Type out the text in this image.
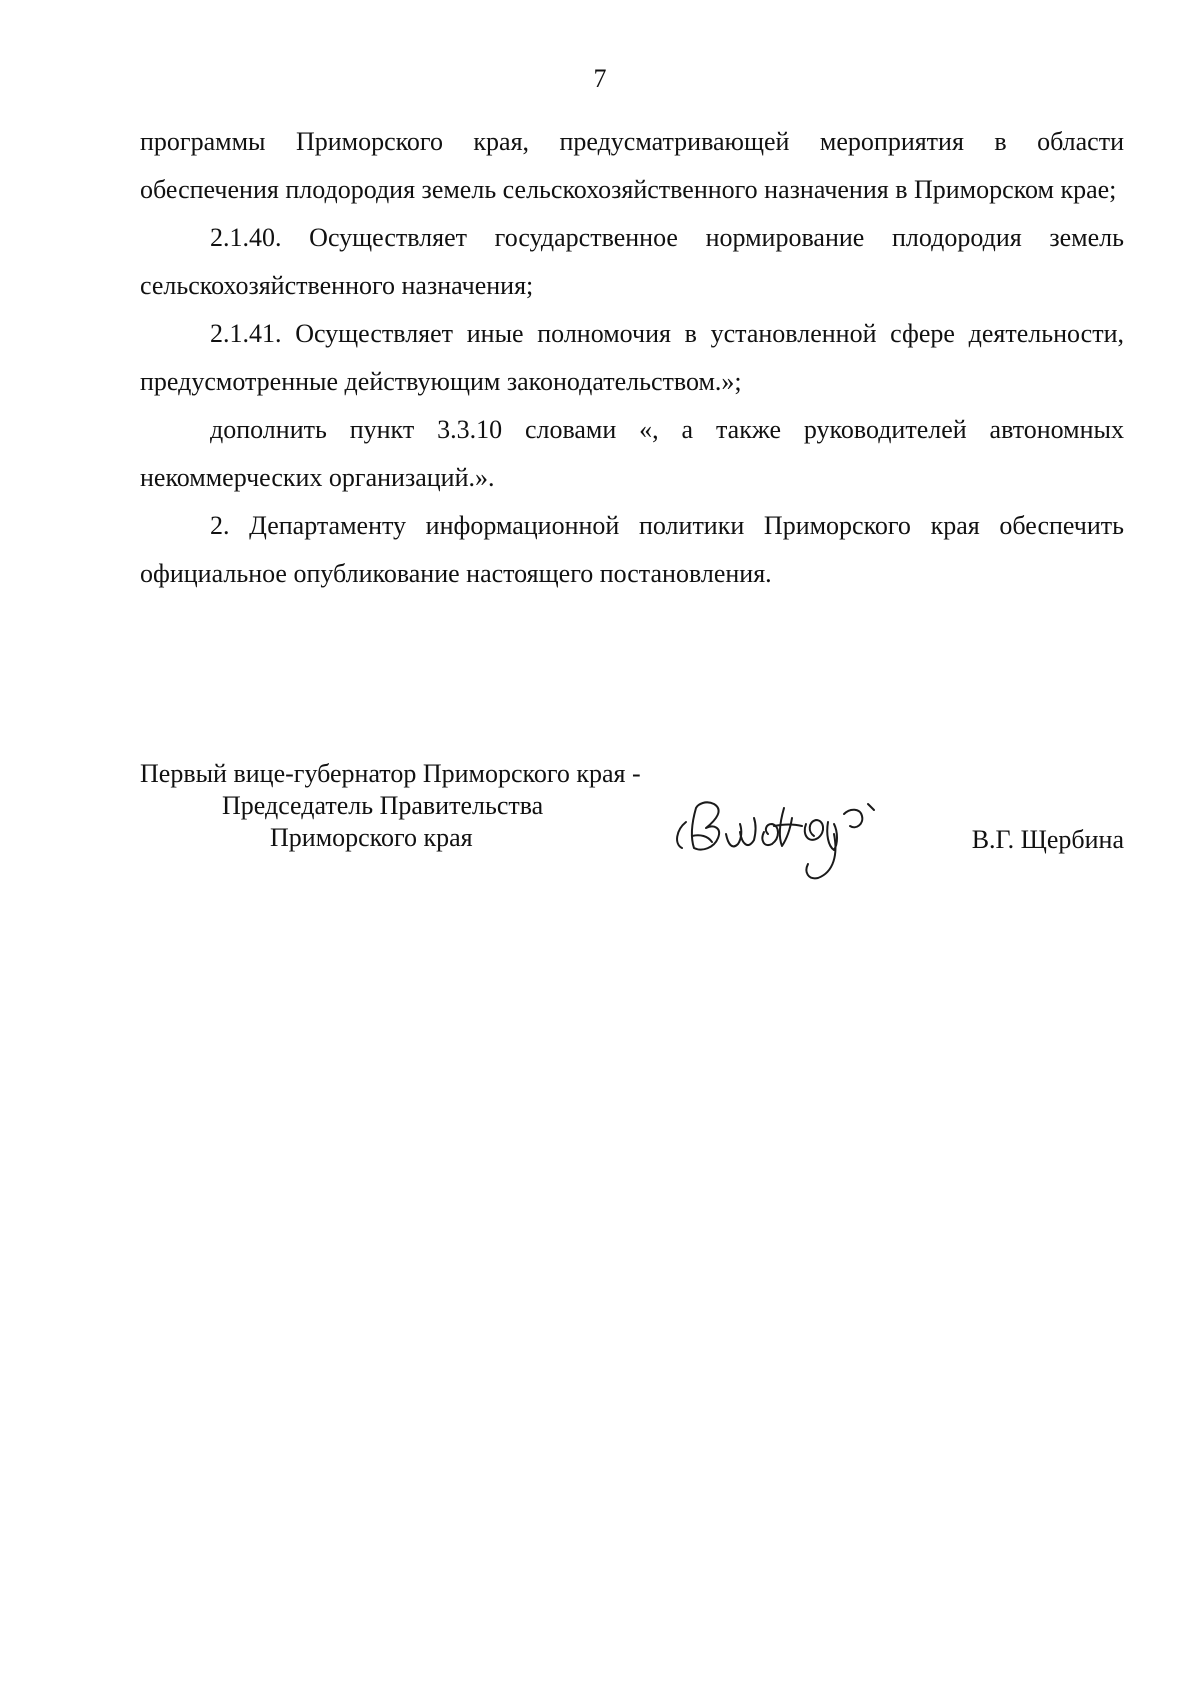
7

программы Приморского края, предусматривающей мероприятия в области обеспечения плодородия земель сельскохозяйственного назначения в Приморском крае;

2.1.40. Осуществляет государственное нормирование плодородия земель сельскохозяйственного назначения;

2.1.41. Осуществляет иные полномочия в установленной сфере деятельности, предусмотренные действующим законодательством.»;

дополнить пункт 3.3.10 словами «, а также руководителей автономных некоммерческих организаций.».

2. Департаменту информационной политики Приморского края обеспечить официальное опубликование настоящего постановления.

Первый вице-губернатор Приморского края -
Председатель Правительства
Приморского края	В.Г. Щербина
